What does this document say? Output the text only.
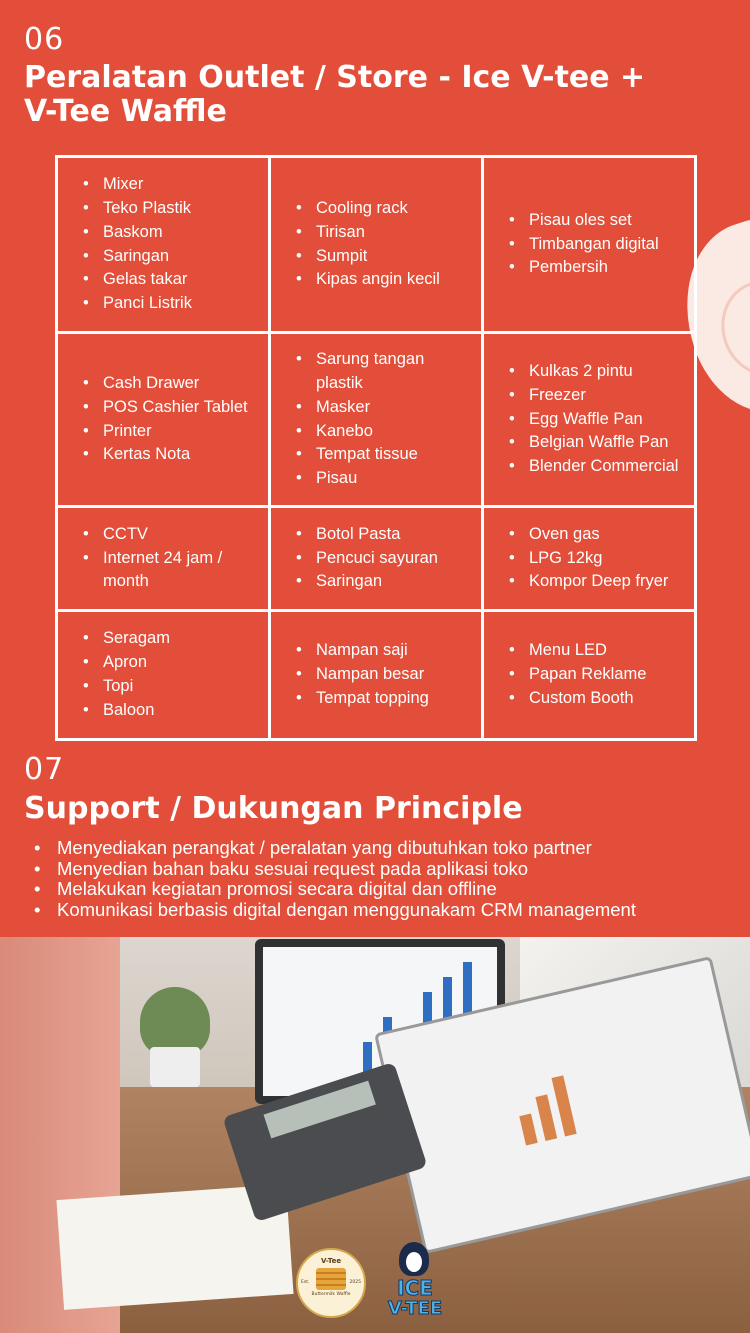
06
Peralatan Outlet / Store - Ice V-tee +
V-Tee Waffle
• Mixer
• Teko Plastik
• Baskom
• Saringan
• Gelas takar
• Panci Listrik
• Cooling rack
• Tirisan
• Sumpit
• Kipas angin kecil
• Pisau oles set
• Timbangan digital
• Pembersih
• Cash Drawer
• POS Cashier Tablet
• Printer
• Kertas Nota
• Sarung tangan plastik
• Masker
• Kanebo
• Tempat tissue
• Pisau
• Kulkas 2 pintu
• Freezer
• Egg Waffle Pan
• Belgian Waffle Pan
• Blender Commercial
• CCTV
• Internet 24 jam / month
• Botol Pasta
• Pencuci sayuran
• Saringan
• Oven gas
• LPG 12kg
• Kompor Deep fryer
• Seragam
• Apron
• Topi
• Baloon
• Nampan saji
• Nampan besar
• Tempat topping
• Menu LED
• Papan Reklame
• Custom Booth
07
Support / Dukungan Principle
• Menyediakan perangkat / peralatan yang dibutuhkan toko partner
• Menyedian bahan baku sesuai request pada aplikasi toko
• Melakukan kegiatan promosi secara digital dan offline
• Komunikasi berbasis digital dengan menggunakam CRM management
V-Tee
Est.	2025
Buttermilk Waffle	ICE
V-TEE
